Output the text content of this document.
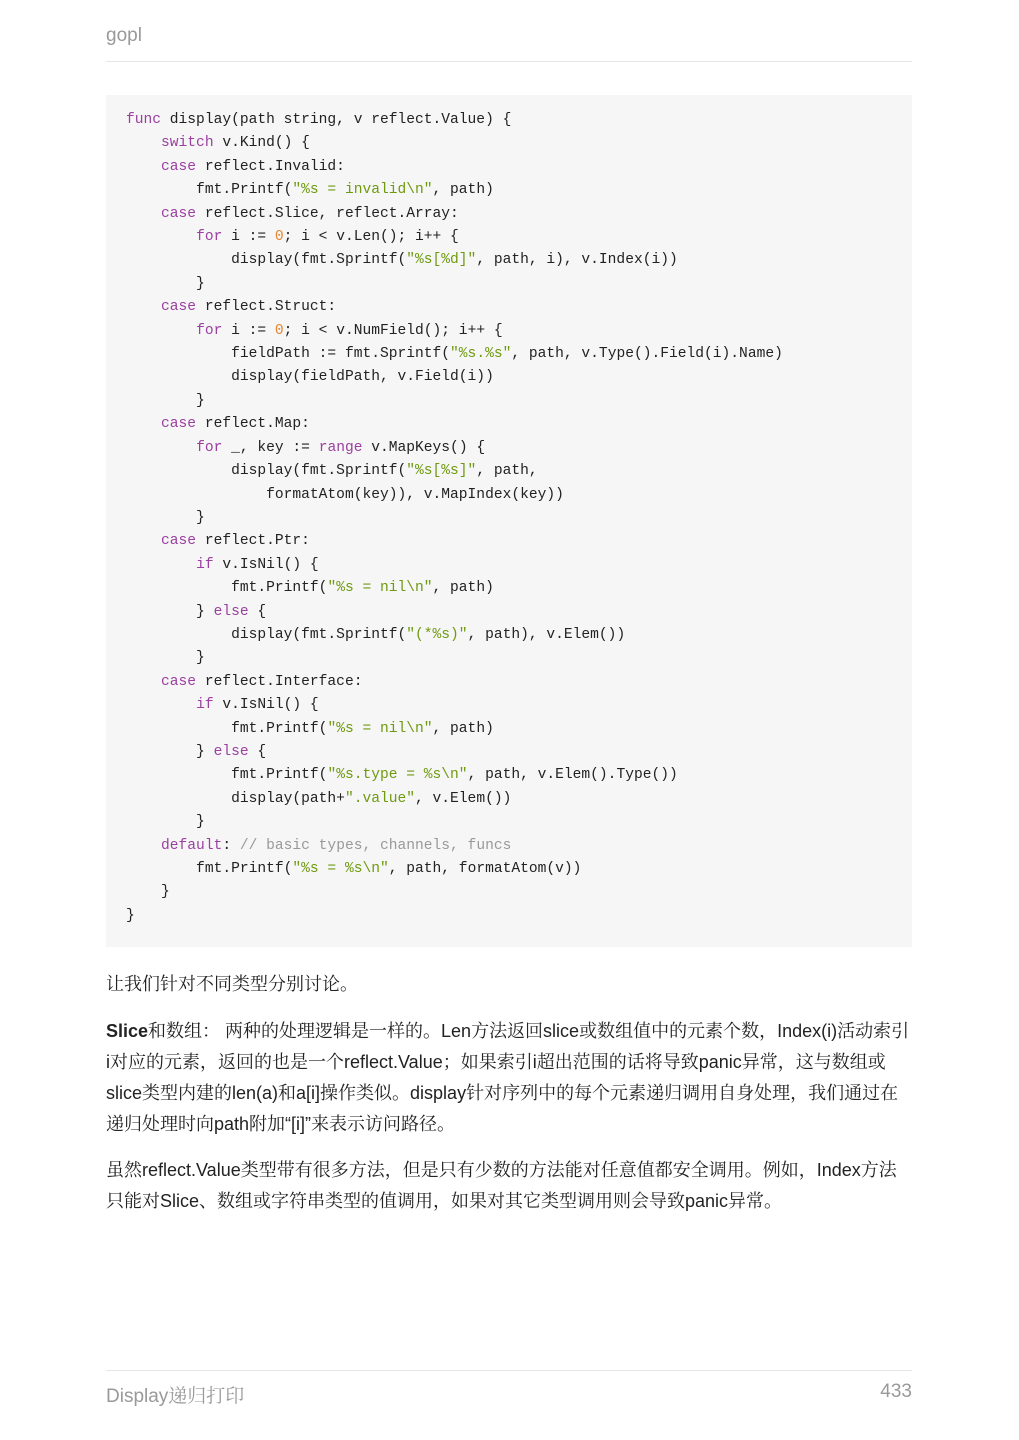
gopl
func display(path string, v reflect.Value) {
switch v.Kind() {
case reflect.Invalid:
fmt.Printf("%s = invalid\n", path)
case reflect.Slice, reflect.Array:
for i := 0; i < v.Len(); i++ {
display(fmt.Sprintf("%s[%d]", path, i), v.Index(i))
}
case reflect.Struct:
for i := 0; i < v.NumField(); i++ {
fieldPath := fmt.Sprintf("%s.%s", path, v.Type().Field(i).Name)
display(fieldPath, v.Field(i))
}
case reflect.Map:
for _, key := range v.MapKeys() {
display(fmt.Sprintf("%s[%s]", path,
formatAtom(key)), v.MapIndex(key))
}
case reflect.Ptr:
if v.IsNil() {
fmt.Printf("%s = nil\n", path)
} else {
display(fmt.Sprintf("(*%s)", path), v.Elem())
}
case reflect.Interface:
if v.IsNil() {
fmt.Printf("%s = nil\n", path)
} else {
fmt.Printf("%s.type = %s\n", path, v.Elem().Type())
display(path+".value", v.Elem())
}
default: // basic types, channels, funcs
fmt.Printf("%s = %s\n", path, formatAtom(v))
}
}

让我们针对不同类型分别讨论。

Slice和数组： 两种的处理逻辑是一样的。Len方法返回slice或数组值中的元素个数，Index(i)活动索引i对应的元素，返回的也是一个reflect.Value；如果索引i超出范围的话将导致panic异常，这与数组或slice类型内建的len(a)和a[i]操作类似。display针对序列中的每个元素递归调用自身处理，我们通过在递归处理时向path附加“[i]”来表示访问路径。

虽然reflect.Value类型带有很多方法，但是只有少数的方法能对任意值都安全调用。例如，Index方法只能对Slice、数组或字符串类型的值调用，如果对其它类型调用则会导致panic异常。

Display递归打印	433
